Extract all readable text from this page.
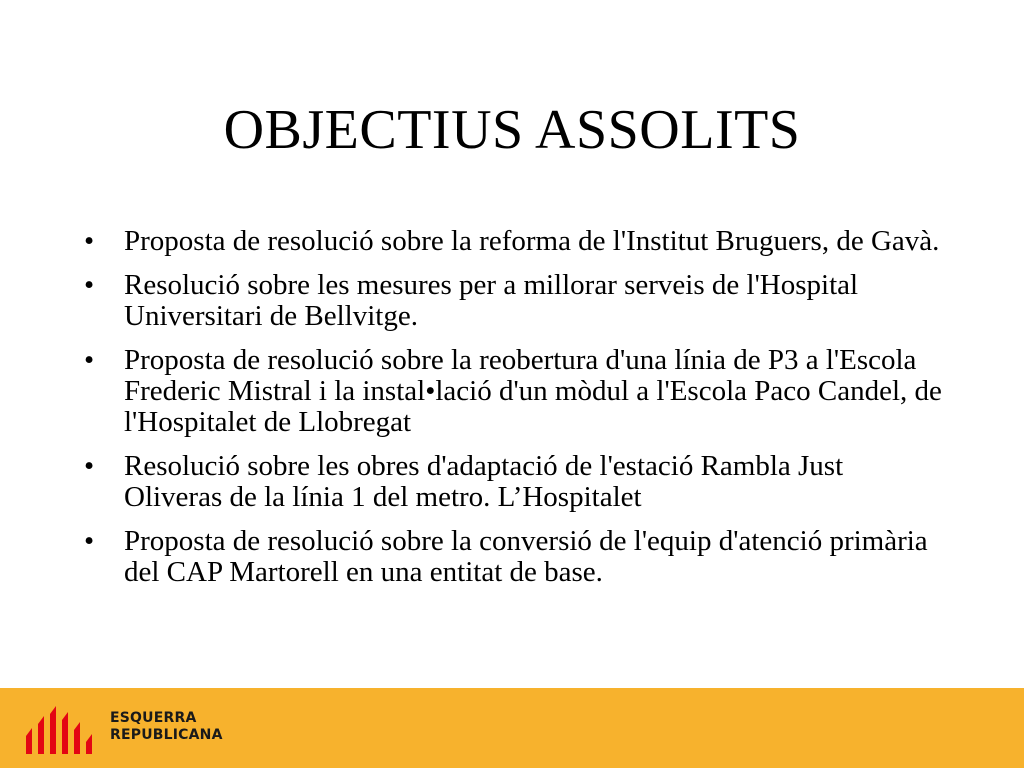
OBJECTIUS ASSOLITS
•	Proposta de resolució sobre la reforma de l'Institut Bruguers, de Gavà.
•	Resolució sobre les mesures per a millorar serveis de l'Hospital Universitari de Bellvitge.
•	Proposta de resolució sobre la reobertura d'una línia de P3 a l'Escola Frederic Mistral i la instal•lació d'un mòdul a l'Escola Paco Candel, de l'Hospitalet de Llobregat
•	Resolució sobre les obres d'adaptació de l'estació Rambla Just Oliveras de la línia 1 del metro. L’Hospitalet
•	Proposta de resolució sobre la conversió de l'equip d'atenció primària del CAP Martorell en una entitat de base.
ESQUERRA
REPUBLICANA
